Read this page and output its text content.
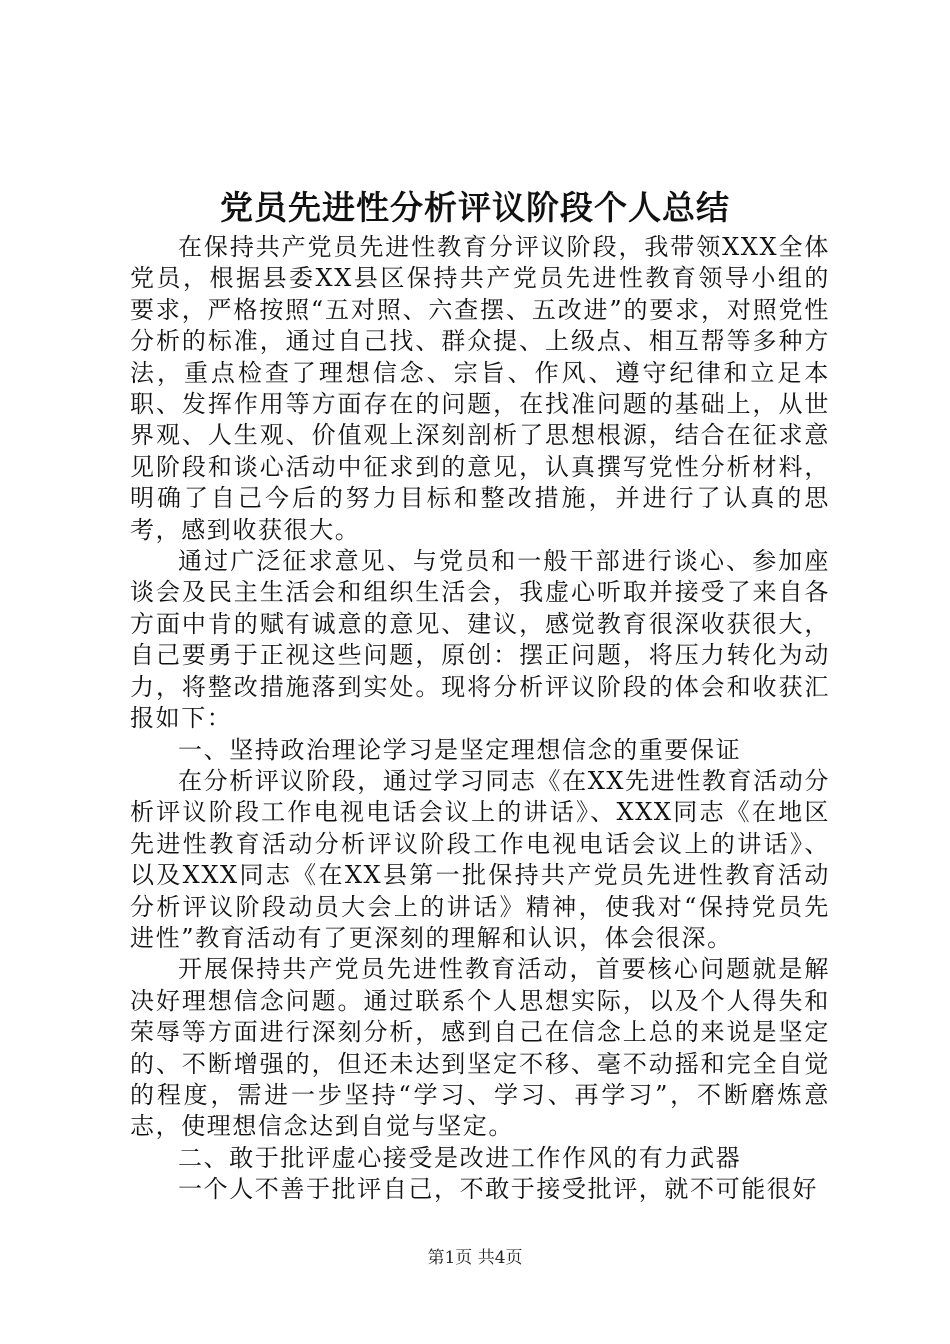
党员先进性分析评议阶段个人总结

在保持共产党员先进性教育分评议阶段，我带领XXX全体党员，根据县委XX县区保持共产党员先进性教育领导小组的要求，严格按照“五对照、六查摆、五改进”的要求，对照党性分析的标准，通过自己找、群众提、上级点、相互帮等多种方法，重点检查了理想信念、宗旨、作风、遵守纪律和立足本职、发挥作用等方面存在的问题，在找准问题的基础上，从世界观、人生观、价值观上深刻剖析了思想根源，结合在征求意见阶段和谈心活动中征求到的意见，认真撰写党性分析材料，明确了自己今后的努力目标和整改措施，并进行了认真的思考，感到收获很大。

通过广泛征求意见、与党员和一般干部进行谈心、参加座谈会及民主生活会和组织生活会，我虚心听取并接受了来自各方面中肯的赋有诚意的意见、建议，感觉教育很深收获很大，自己要勇于正视这些问题，原创：摆正问题，将压力转化为动力，将整改措施落到实处。现将分析评议阶段的体会和收获汇报如下：

一、坚持政治理论学习是坚定理想信念的重要保证

在分析评议阶段，通过学习同志《在XX先进性教育活动分析评议阶段工作电视电话会议上的讲话》、XXX同志《在地区先进性教育活动分析评议阶段工作电视电话会议上的讲话》、以及XXX同志《在XX县第一批保持共产党员先进性教育活动分析评议阶段动员大会上的讲话》精神，使我对“保持党员先进性”教育活动有了更深刻的理解和认识，体会很深。

开展保持共产党员先进性教育活动，首要核心问题就是解决好理想信念问题。通过联系个人思想实际，以及个人得失和荣辱等方面进行深刻分析，感到自己在信念上总的来说是坚定的、不断增强的，但还未达到坚定不移、毫不动摇和完全自觉的程度，需进一步坚持“学习、学习、再学习”，不断磨炼意志，使理想信念达到自觉与坚定。

二、敢于批评虚心接受是改进工作作风的有力武器

一个人不善于批评自己，不敢于接受批评，就不可能很好

第1页 共4页
